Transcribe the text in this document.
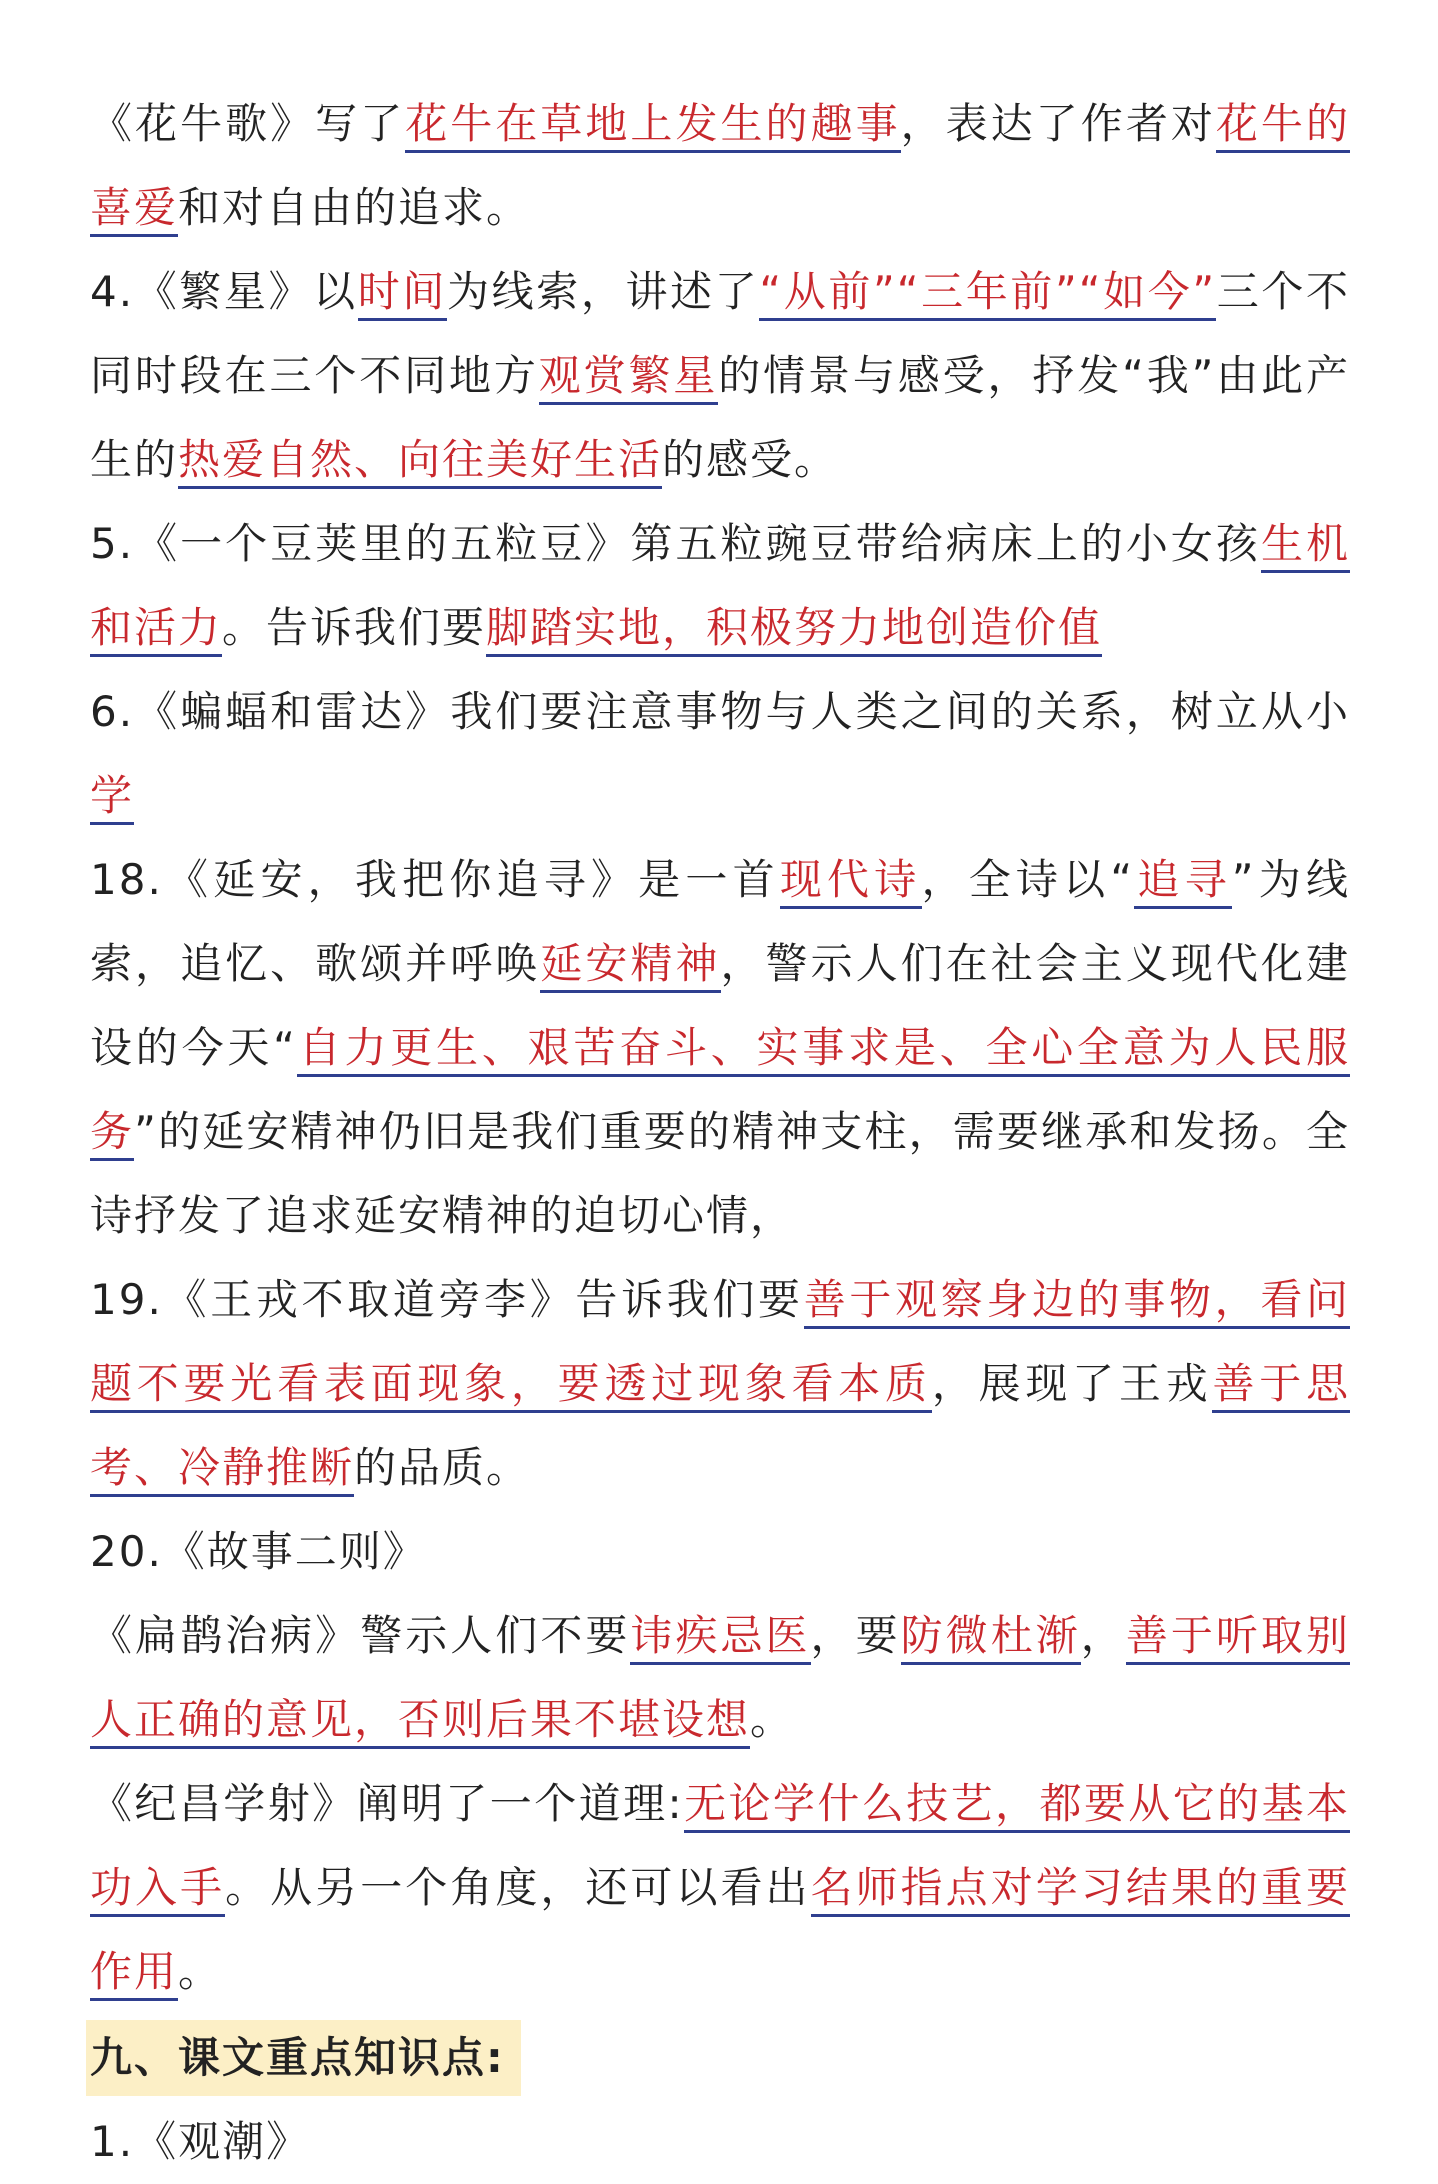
《花牛歌》写了花牛在草地上发生的趣事，表达了作者对花牛的喜爱和对自由的追求。

4.《繁星》以时间为线索，讲述了“从前”“三年前”“如今”三个不同时段在三个不同地方观赏繁星的情景与感受，抒发“我”由此产生的热爱自然、向往美好生活的感受。

5.《一个豆荚里的五粒豆》第五粒豌豆带给病床上的小女孩生机和活力。告诉我们要脚踏实地，积极努力地创造价值

6.《蝙蝠和雷达》我们要注意事物与人类之间的关系，树立从小学

18.《延安，我把你追寻》是一首现代诗，全诗以“追寻”为线索，追忆、歌颂并呼唤延安精神，警示人们在社会主义现代化建设的今天“自力更生、艰苦奋斗、实事求是、全心全意为人民服务”的延安精神仍旧是我们重要的精神支柱，需要继承和发扬。全诗抒发了追求延安精神的迫切心情，

19.《王戎不取道旁李》告诉我们要善于观察身边的事物，看问题不要光看表面现象，要透过现象看本质，展现了王戎善于思考、冷静推断的品质。

20.《故事二则》

《扁鹊治病》警示人们不要讳疾忌医，要防微杜渐，善于听取别人正确的意见，否则后果不堪设想。

《纪昌学射》阐明了一个道理:无论学什么技艺，都要从它的基本功入手。从另一个角度，还可以看出名师指点对学习结果的重要作用。

九、课文重点知识点:

1.《观潮》
